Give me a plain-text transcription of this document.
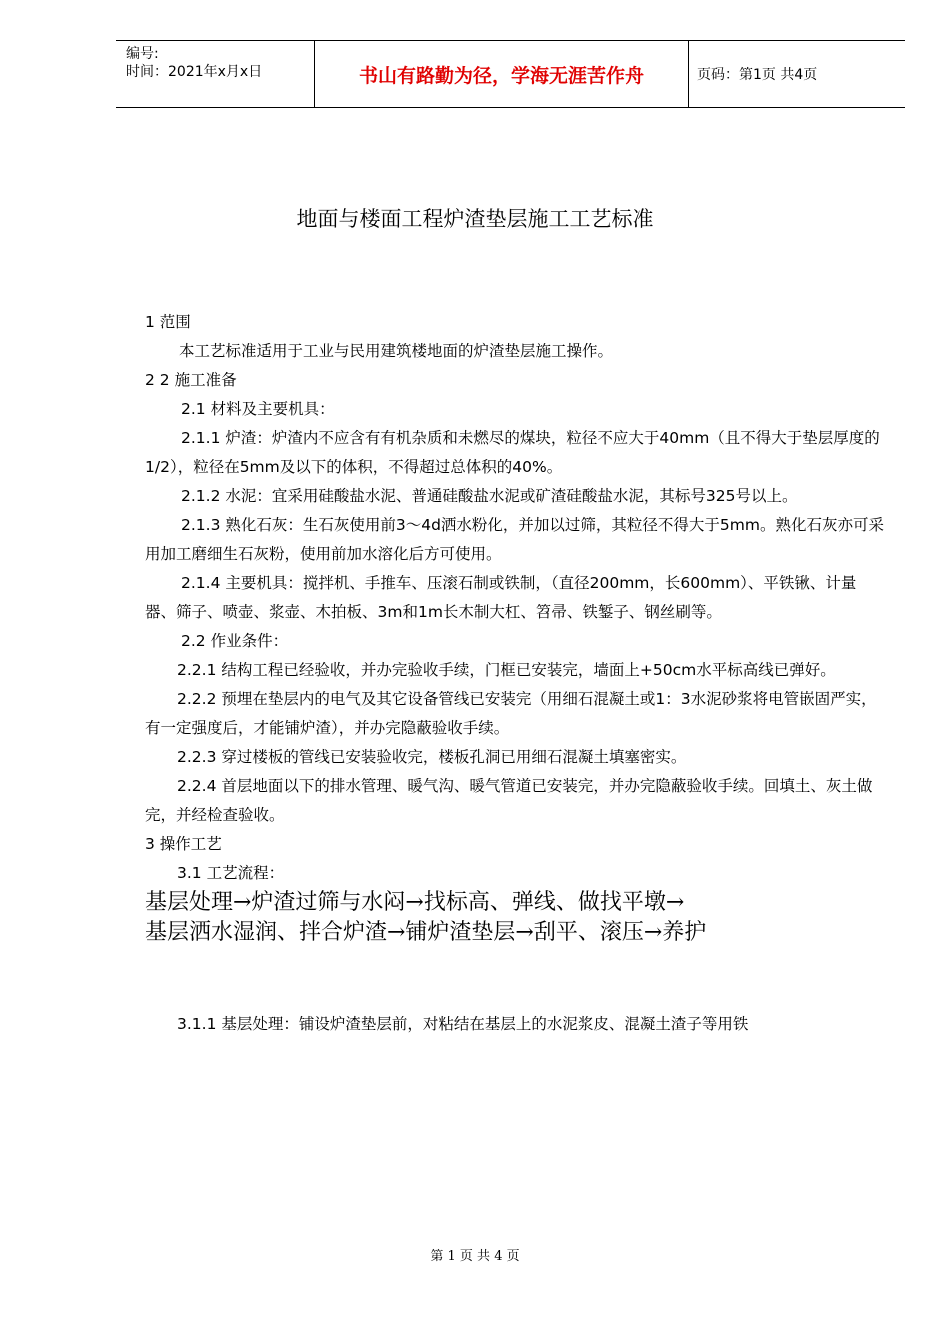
编号:
时间：2021年x月x日	书山有路勤为径，学海无涯苦作舟	页码：第1页 共4页
地面与楼面工程炉渣垫层施工工艺标准

1 范围

本工艺标准适用于工业与民用建筑楼地面的炉渣垫层施工操作。

2 2 施工准备

2.1 材料及主要机具：

2.1.1 炉渣：炉渣内不应含有有机杂质和未燃尽的煤块，粒径不应大于40mm（且不得大于垫层厚度的1/2），粒径在5mm及以下的体积，不得超过总体积的40%。

2.1.2 水泥：宜采用硅酸盐水泥、普通硅酸盐水泥或矿渣硅酸盐水泥，其标号325号以上。

2.1.3 熟化石灰：生石灰使用前3～4d洒水粉化，并加以过筛，其粒径不得大于5mm。熟化石灰亦可采用加工磨细生石灰粉，使用前加水溶化后方可使用。

2.1.4 主要机具：搅拌机、手推车、压滚石制或铁制，（直径200mm，长600mm）、平铁锹、计量器、筛子、喷壶、浆壶、木拍板、3m和1m长木制大杠、笤帚、铁錾子、钢丝刷等。

2.2 作业条件：

2.2.1 结构工程已经验收，并办完验收手续，门框已安装完，墙面上+50cm水平标高线已弹好。

2.2.2 预埋在垫层内的电气及其它设备管线已安装完（用细石混凝土或1：3水泥砂浆将电管嵌固严实，有一定强度后，才能铺炉渣），并办完隐蔽验收手续。

2.2.3 穿过楼板的管线已安装验收完，楼板孔洞已用细石混凝土填塞密实。

2.2.4 首层地面以下的排水管理、暖气沟、暖气管道已安装完，并办完隐蔽验收手续。回填土、灰土做完，并经检查验收。

3 操作工艺

3.1 工艺流程：

基层处理→炉渣过筛与水闷→找标高、弹线、做找平墩→

基层洒水湿润、拌合炉渣→铺炉渣垫层→刮平、滚压→养护

3.1.1 基层处理：铺设炉渣垫层前，对粘结在基层上的水泥浆皮、混凝土渣子等用铁

第 1 页 共 4 页
